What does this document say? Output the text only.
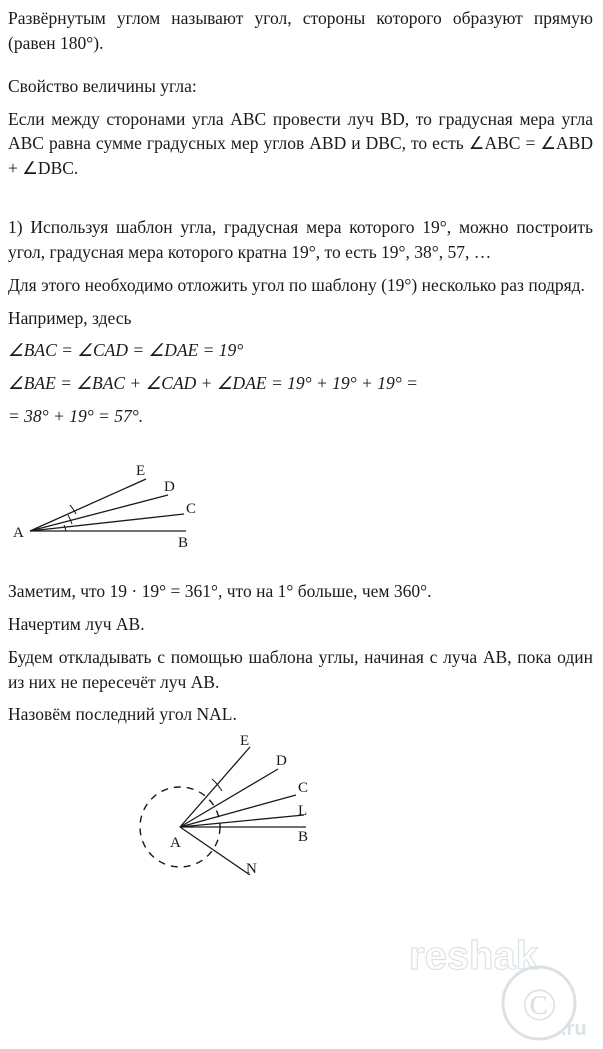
Развёрнутым углом называют угол, стороны которого образуют прямую (равен 180°).

Свойство величины угла:

Если между сторонами угла ABC провести луч BD, то градусная мера угла ABC равна сумме градусных мер углов ABD и DBC, то есть ∠ABC = ∠ABD + ∠DBC.

1) Используя шаблон угла, градусная мера которого 19°, можно построить угол, градусная мера которого кратна 19°, то есть 19°, 38°, 57, …

Для этого необходимо отложить угол по шаблону (19°) несколько раз подряд.

Например, здесь

∠BAC = ∠CAD = ∠DAE = 19°

∠BAE = ∠BAC + ∠CAD + ∠DAE = 19° + 19° + 19° =

= 38° + 19° = 57°.

A
B
C
D
E

Заметим, что 19 · 19° = 361°, что на 1° больше, чем 360°.

Начертим луч AB.

Будем откладывать с помощью шаблона углы, начиная с луча AB, пока один из них не пересечёт луч AB.

Назовём последний угол NAL.

E
D
C
L
B
A
N
reshak
© .ru
